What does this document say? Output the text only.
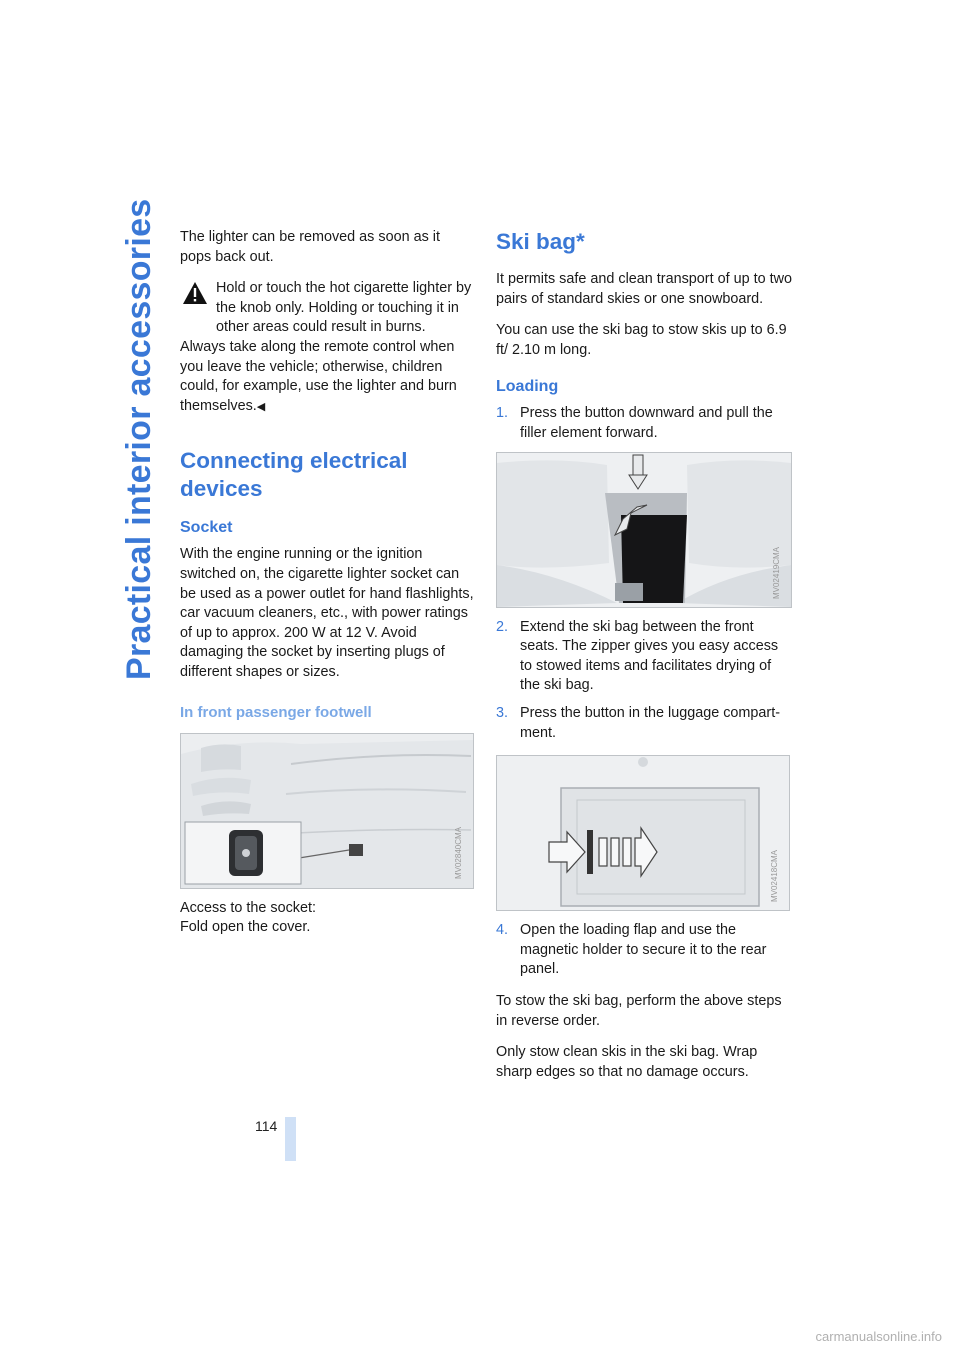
Practical interior accessories The lighter can be removed as soon as it pops back out.

Hold or touch the hot cigarette lighter by the knob only. Holding or touching it in other areas could result in burns.

Always take along the remote control when you leave the vehicle; otherwise, children could, for example, use the lighter and burn themselves.◀

Connecting electrical devices
Socket

With the engine running or the ignition switched on, the cigarette lighter socket can be used as a power outlet for hand flashlights, car vacuum cleaners, etc., with power ratings of up to approx. 200 W at 12 V. Avoid damaging the socket by inserting plugs of different shapes or sizes.

In front passenger footwell
MV02840CMA

Access to the socket:

Fold open the cover.

Ski bag*

It permits safe and clean transport of up to two pairs of standard skies or one snowboard.

You can use the ski bag to stow skis up to 6.9 ft/ 2.10 m long.

Loading
1. Press the button downward and pull the filler element forward.
MV02419CMA
2. Extend the ski bag between the front seats. The zipper gives you easy access to stowed items and facilitates drying of the ski bag.
3. Press the button in the luggage compart-ment.
MV02418CMA
4. Open the loading flap and use the magnetic holder to secure it to the rear panel.

To stow the ski bag, perform the above steps in reverse order.

Only stow clean skis in the ski bag. Wrap sharp edges so that no damage occurs.

114
carmanualsonline.info
